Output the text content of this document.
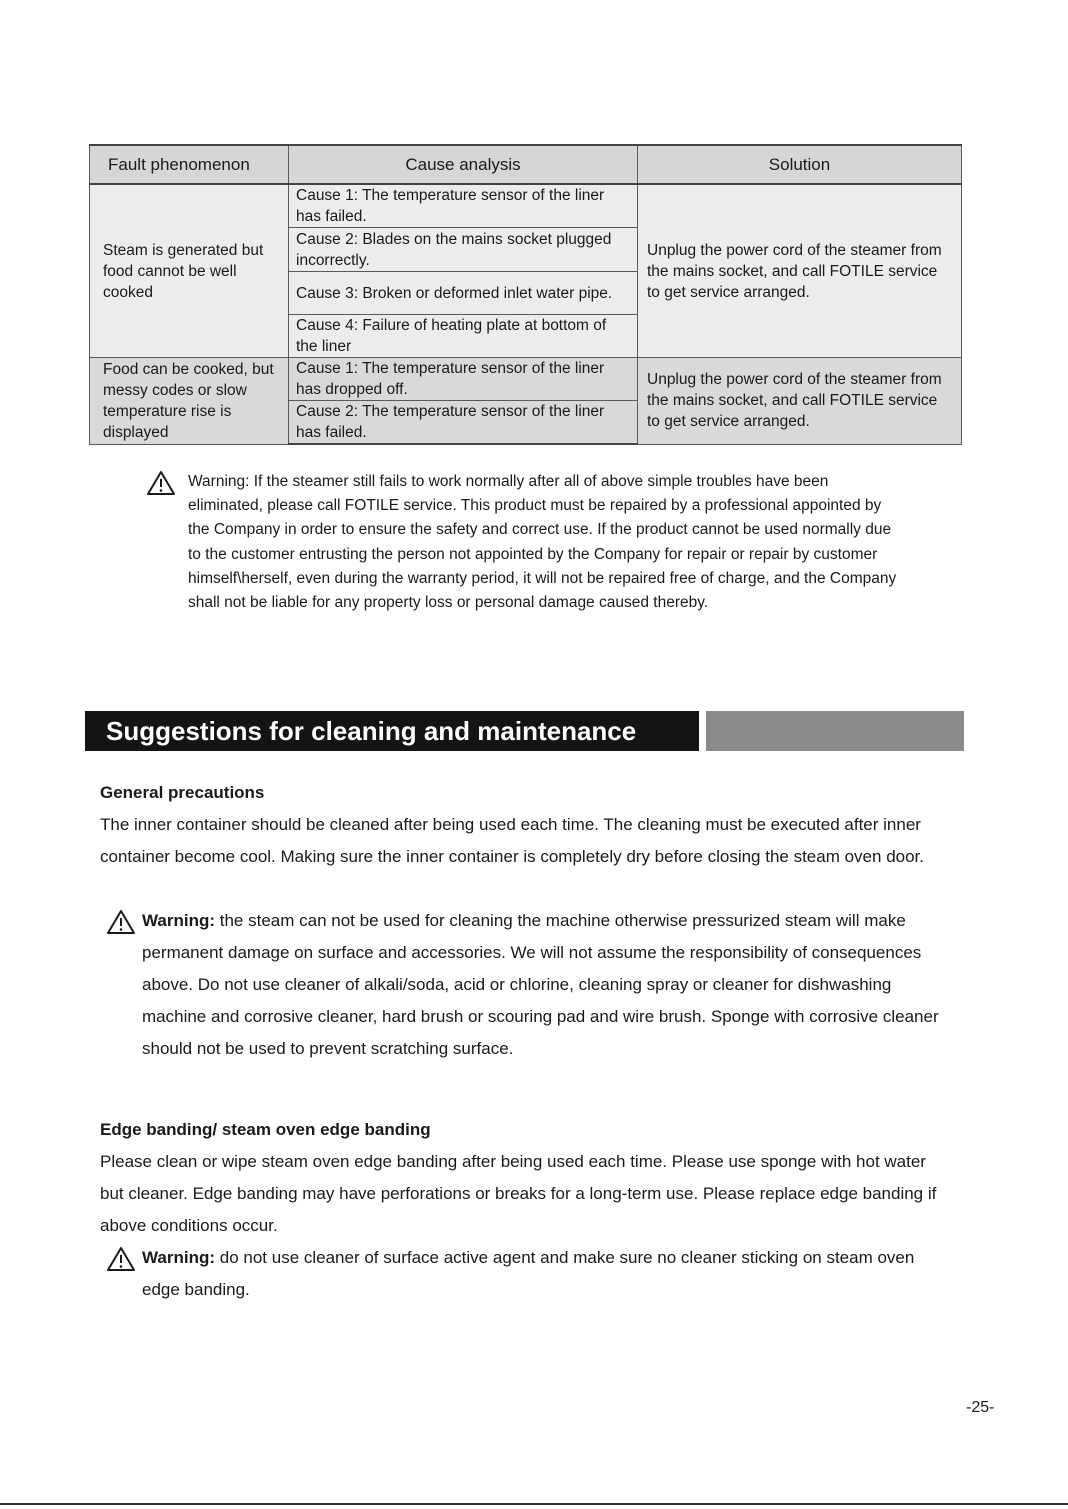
Fault phenomenon	Cause analysis	Solution
Steam is generated but food cannot be well cooked	Cause 1: The temperature sensor of the liner has failed.	Unplug the power cord of the steamer from the mains socket, and call FOTILE service to get service arranged.
	Cause 2: Blades on the mains socket plugged incorrectly.	
	Cause 3: Broken or deformed inlet water pipe.	
	Cause 4: Failure of heating plate at bottom of the liner	
Food can be cooked, but messy codes or slow temperature rise is displayed	Cause 1: The temperature sensor of the liner has dropped off.	Unplug the power cord of the steamer from the mains socket, and call FOTILE service to get service arranged.
	Cause 2: The temperature sensor of the liner has failed.	

Warning: If the steamer still fails to work normally after all of above simple troubles have been eliminated, please call FOTILE service. This product must be repaired by a professional appointed by the Company in order to ensure the safety and correct use. If the product cannot be used normally due to the customer entrusting the person not appointed by the Company for repair or repair by customer himself\herself, even during the warranty period, it will not be repaired free of charge, and the Company shall not be liable for any property loss or personal damage caused thereby.

Suggestions for cleaning and maintenance
General precautions

The inner container should be cleaned after being used each time. The cleaning must be executed after inner container become cool. Making sure the inner container is completely dry before closing the steam oven door.

Warning: the steam can not be used for cleaning the machine otherwise pressurized steam will make permanent damage on surface and accessories. We will not assume the responsibility of consequences above. Do not use cleaner of alkali/soda, acid or chlorine, cleaning spray or cleaner for dishwashing machine and corrosive cleaner, hard brush or scouring pad and wire brush. Sponge with corrosive cleaner should not be used to prevent scratching surface.

Edge banding/ steam oven edge banding

Please clean or wipe steam oven edge banding after being used each time. Please use sponge with hot water but cleaner. Edge banding may have perforations or breaks for a long-term use. Please replace edge banding if above conditions occur.

Warning: do not use cleaner of surface active agent and make sure no cleaner sticking on steam oven edge banding.

-25-
